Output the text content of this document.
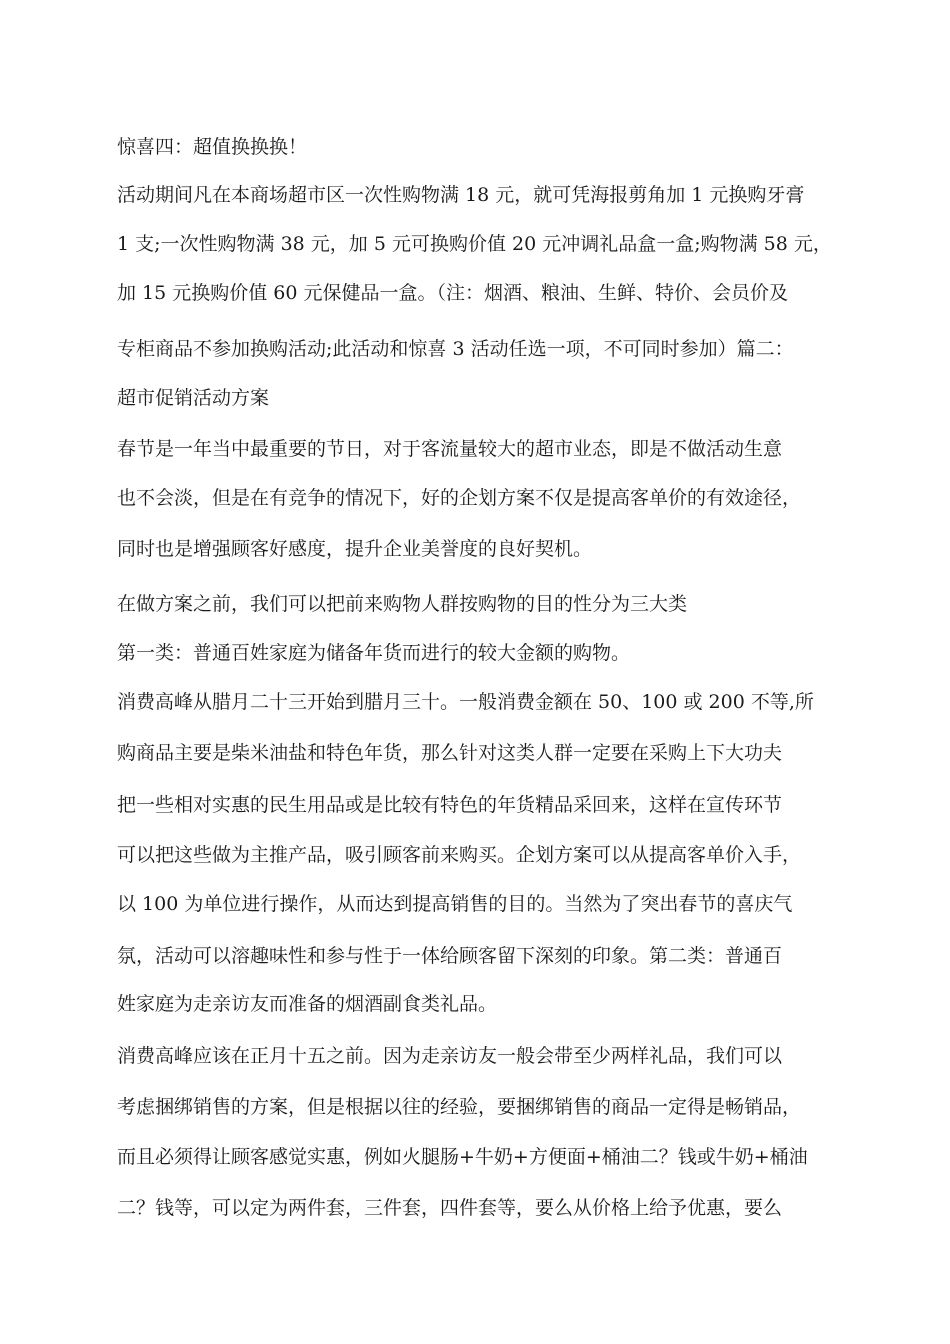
惊喜四：超值换换换！

活动期间凡在本商场超市区一次性购物满 18 元，就可凭海报剪角加 1 元换购牙膏

1 支;一次性购物满 38 元，加 5 元可换购价值 20 元冲调礼品盒一盒;购物满 58 元，

加 15 元换购价值 60 元保健品一盒。（注：烟酒、粮油、生鲜、特价、会员价及

专柜商品不参加换购活动;此活动和惊喜 3 活动任选一项，不可同时参加）篇二：

超市促销活动方案

春节是一年当中最重要的节日，对于客流量较大的超市业态，即是不做活动生意

也不会淡，但是在有竞争的情况下，好的企划方案不仅是提高客单价的有效途径，

同时也是增强顾客好感度，提升企业美誉度的良好契机。

在做方案之前，我们可以把前来购物人群按购物的目的性分为三大类

第一类：普通百姓家庭为储备年货而进行的较大金额的购物。

消费高峰从腊月二十三开始到腊月三十。一般消费金额在 50、100 或 200 不等,所

购商品主要是柴米油盐和特色年货，那么针对这类人群一定要在采购上下大功夫

把一些相对实惠的民生用品或是比较有特色的年货精品采回来，这样在宣传环节

可以把这些做为主推产品，吸引顾客前来购买。企划方案可以从提高客单价入手，

以 100 为单位进行操作，从而达到提高销售的目的。当然为了突出春节的喜庆气

氛，活动可以溶趣味性和参与性于一体给顾客留下深刻的印象。第二类：普通百

姓家庭为走亲访友而准备的烟酒副食类礼品。

消费高峰应该在正月十五之前。因为走亲访友一般会带至少两样礼品，我们可以

考虑捆绑销售的方案，但是根据以往的经验，要捆绑销售的商品一定得是畅销品，

而且必须得让顾客感觉实惠，例如火腿肠+牛奶+方便面+桶油二？钱或牛奶+桶油

二？钱等，可以定为两件套，三件套，四件套等，要么从价格上给予优惠，要么
